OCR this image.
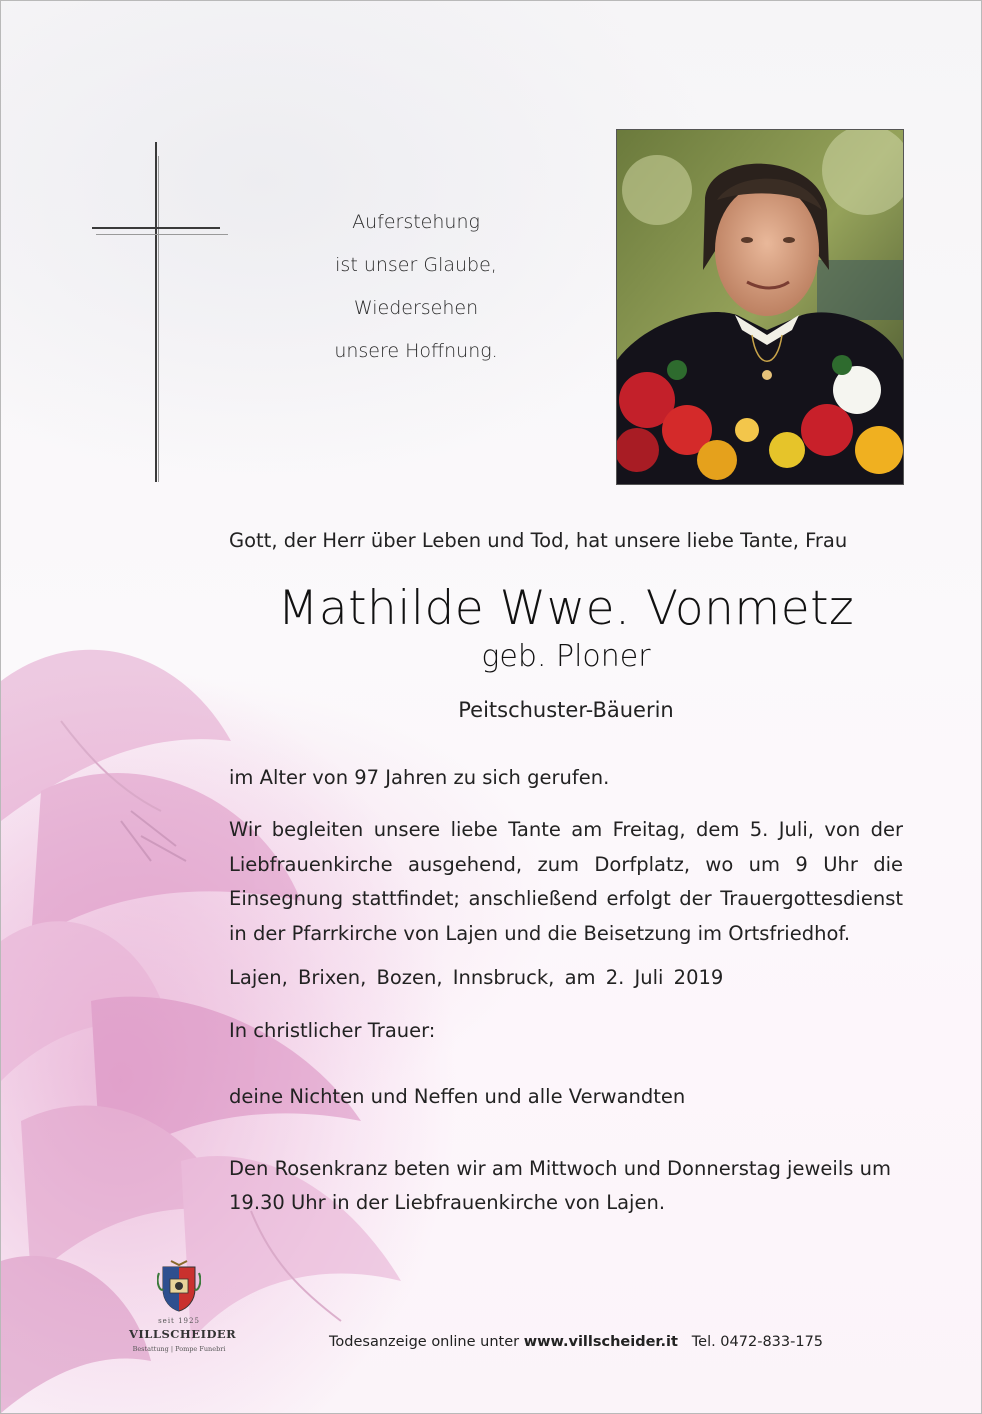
Auferstehung
ist unser Glaube,
Wiedersehen
unsere Hoffnung.
Gott, der Herr über Leben und Tod, hat unsere liebe Tante, Frau
Mathilde Wwe. Vonmetz
geb. Ploner
Peitschuster-Bäuerin
im Alter von 97 Jahren zu sich gerufen.
Wir begleiten unsere liebe Tante am Freitag, dem 5. Juli, von der Liebfrauenkirche ausgehend, zum Dorfplatz, wo um 9 Uhr die Einsegnung stattfindet; anschließend erfolgt der Trauergottesdienst in der Pfarrkirche von Lajen und die Beisetzung im Ortsfriedhof.
Lajen, Brixen, Bozen, Innsbruck, am 2. Juli 2019
In christlicher Trauer:
deine Nichten und Neffen und alle Verwandten
Den Rosenkranz beten wir am Mittwoch und Donnerstag jeweils um 19.30 Uhr in der Liebfrauenkirche von Lajen.
seit 1925
VILLSCHEIDER
Bestattung | Pompe Funebri	Todesanzeige online unter www.villscheider.it Tel. 0472-833-175
